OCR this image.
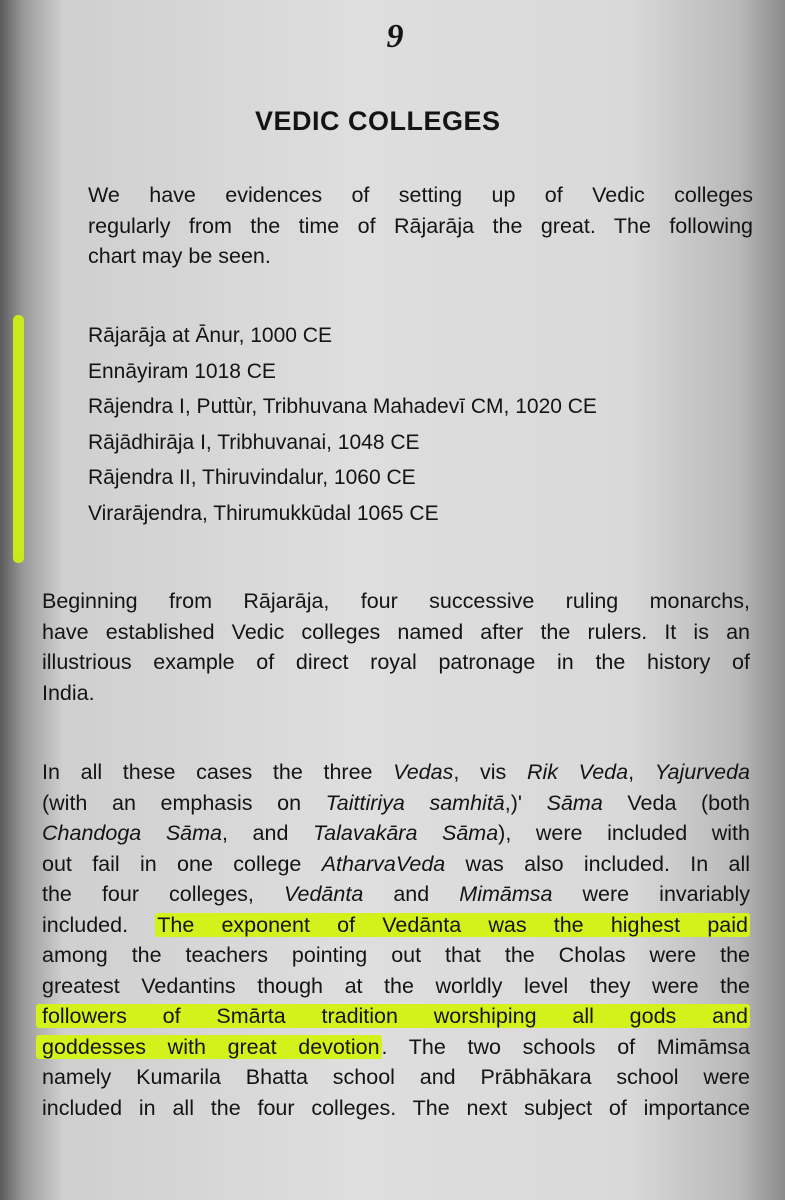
9
VEDIC COLLEGES
We have evidences of setting up of Vedic colleges
regularly from the time of Rājarāja the great. The following
chart may be seen.
Rājarāja at Ānur, 1000 CE
Ennāyiram 1018 CE
Rājendra I, Puttùr, Tribhuvana Mahadevī CM, 1020 CE
Rājādhirāja I, Tribhuvanai, 1048 CE
Rājendra II, Thiruvindalur, 1060 CE
Virarājendra, Thirumukkūdal 1065 CE
Beginning from Rājarāja, four successive ruling monarchs,
have established Vedic colleges named after the rulers. It is an
illustrious example of direct royal patronage in the history of
India.
In all these cases the three Vedas, vis Rik Veda, Yajurveda
(with an emphasis on Taittiriya samhitā,)' Sāma Veda (both
Chandoga Sāma, and Talavakāra Sāma), were included with
out fail in one college AtharvaVeda was also included. In all
the four colleges, Vedānta and Mimāmsa were invariably
included. The exponent of Vedānta was the highest paid
among the teachers pointing out that the Cholas were the
greatest Vedantins though at the worldly level they were the
followers of Smārta tradition worshiping all gods and
goddesses with great devotion. The two schools of Mimāmsa
namely Kumarila Bhatta school and Prābhākara school were
included in all the four colleges. The next subject of importance
